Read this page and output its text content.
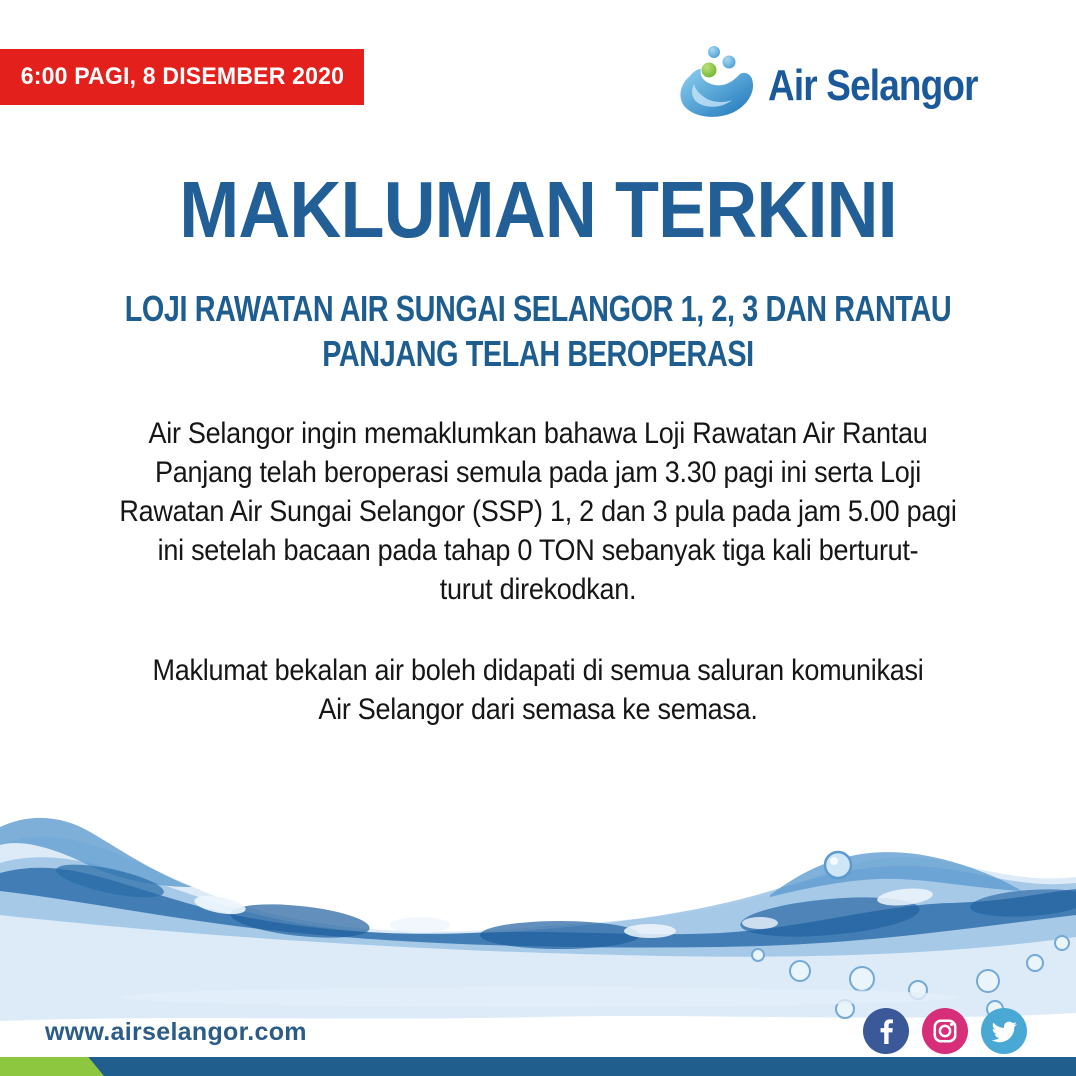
6:00 PAGI, 8 DISEMBER 2020	Air Selangor
MAKLUMAN TERKINI
LOJI RAWATAN AIR SUNGAI SELANGOR 1, 2, 3 DAN RANTAU
PANJANG TELAH BEROPERASI
Air Selangor ingin memaklumkan bahawa Loji Rawatan Air Rantau
Panjang telah beroperasi semula pada jam 3.30 pagi ini serta Loji
Rawatan Air Sungai Selangor (SSP) 1, 2 dan 3 pula pada jam 5.00 pagi
ini setelah bacaan pada tahap 0 TON sebanyak tiga kali berturut-
turut direkodkan.
Maklumat bekalan air boleh didapati di semua saluran komunikasi
Air Selangor dari semasa ke semasa.
www.airselangor.com
